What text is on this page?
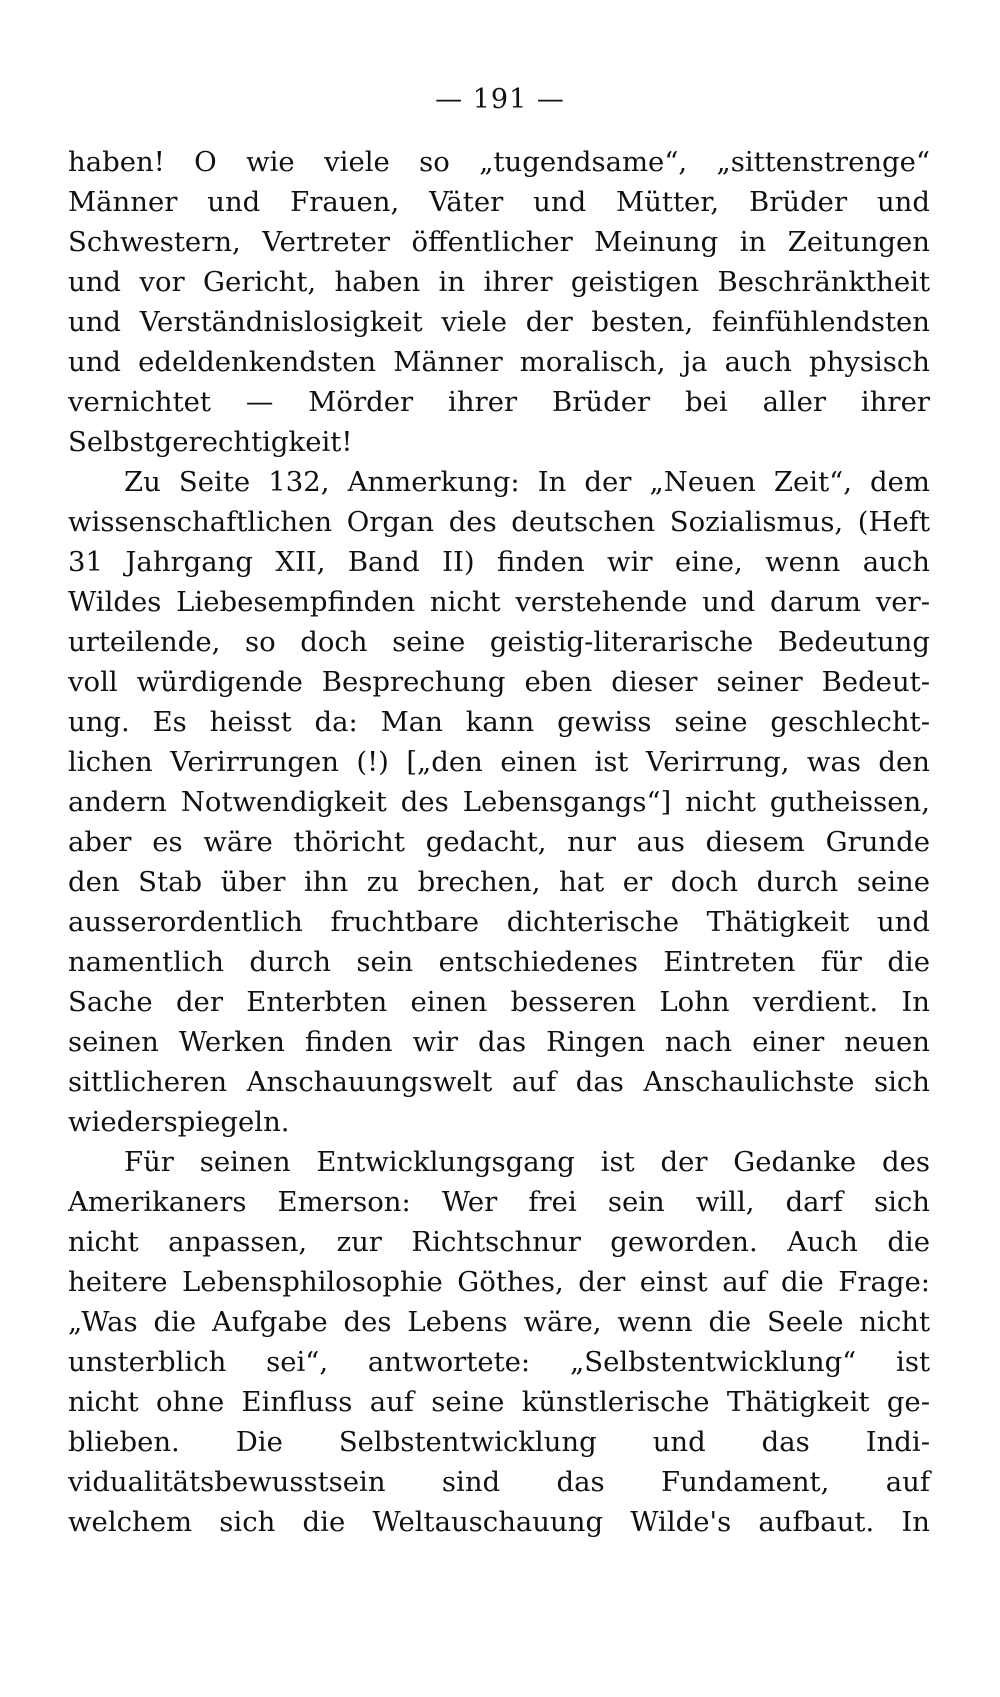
— 191 —
haben! O wie viele so „tugendsame“, „sittenstrenge“
Männer und Frauen, Väter und Mütter, Brüder und
Schwestern, Vertreter öffentlicher Meinung in Zeitungen
und vor Gericht, haben in ihrer geistigen Beschränktheit
und Verständnislosigkeit viele der besten, feinfühlendsten
und edeldenkendsten Männer moralisch, ja auch physisch
vernichtet — Mörder ihrer Brüder bei aller ihrer
Selbstgerechtigkeit!
Zu Seite 132, Anmerkung: In der „Neuen Zeit“, dem
wissenschaftlichen Organ des deutschen Sozialismus, (Heft
31 Jahrgang XII, Band II) finden wir eine, wenn auch
Wildes Liebesempfinden nicht verstehende und darum ver-
urteilende, so doch seine geistig-literarische Bedeutung
voll würdigende Besprechung eben dieser seiner Bedeut-
ung. Es heisst da: Man kann gewiss seine geschlecht-
lichen Verirrungen (!) [„den einen ist Verirrung, was den
andern Notwendigkeit des Lebensgangs“] nicht gutheissen,
aber es wäre thöricht gedacht, nur aus diesem Grunde
den Stab über ihn zu brechen, hat er doch durch seine
ausserordentlich fruchtbare dichterische Thätigkeit und
namentlich durch sein entschiedenes Eintreten für die
Sache der Enterbten einen besseren Lohn verdient. In
seinen Werken finden wir das Ringen nach einer neuen
sittlicheren Anschauungswelt auf das Anschaulichste sich
wiederspiegeln.
Für seinen Entwicklungsgang ist der Gedanke des
Amerikaners Emerson: Wer frei sein will, darf sich
nicht anpassen, zur Richtschnur geworden. Auch die
heitere Lebensphilosophie Göthes, der einst auf die Frage:
„Was die Aufgabe des Lebens wäre, wenn die Seele nicht
unsterblich sei“, antwortete: „Selbstentwicklung“ ist
nicht ohne Einfluss auf seine künstlerische Thätigkeit ge-
blieben. Die Selbstentwicklung und das Indi-
vidualitätsbewusstsein sind das Fundament, auf
welchem sich die Weltauschauung Wilde's aufbaut. In
